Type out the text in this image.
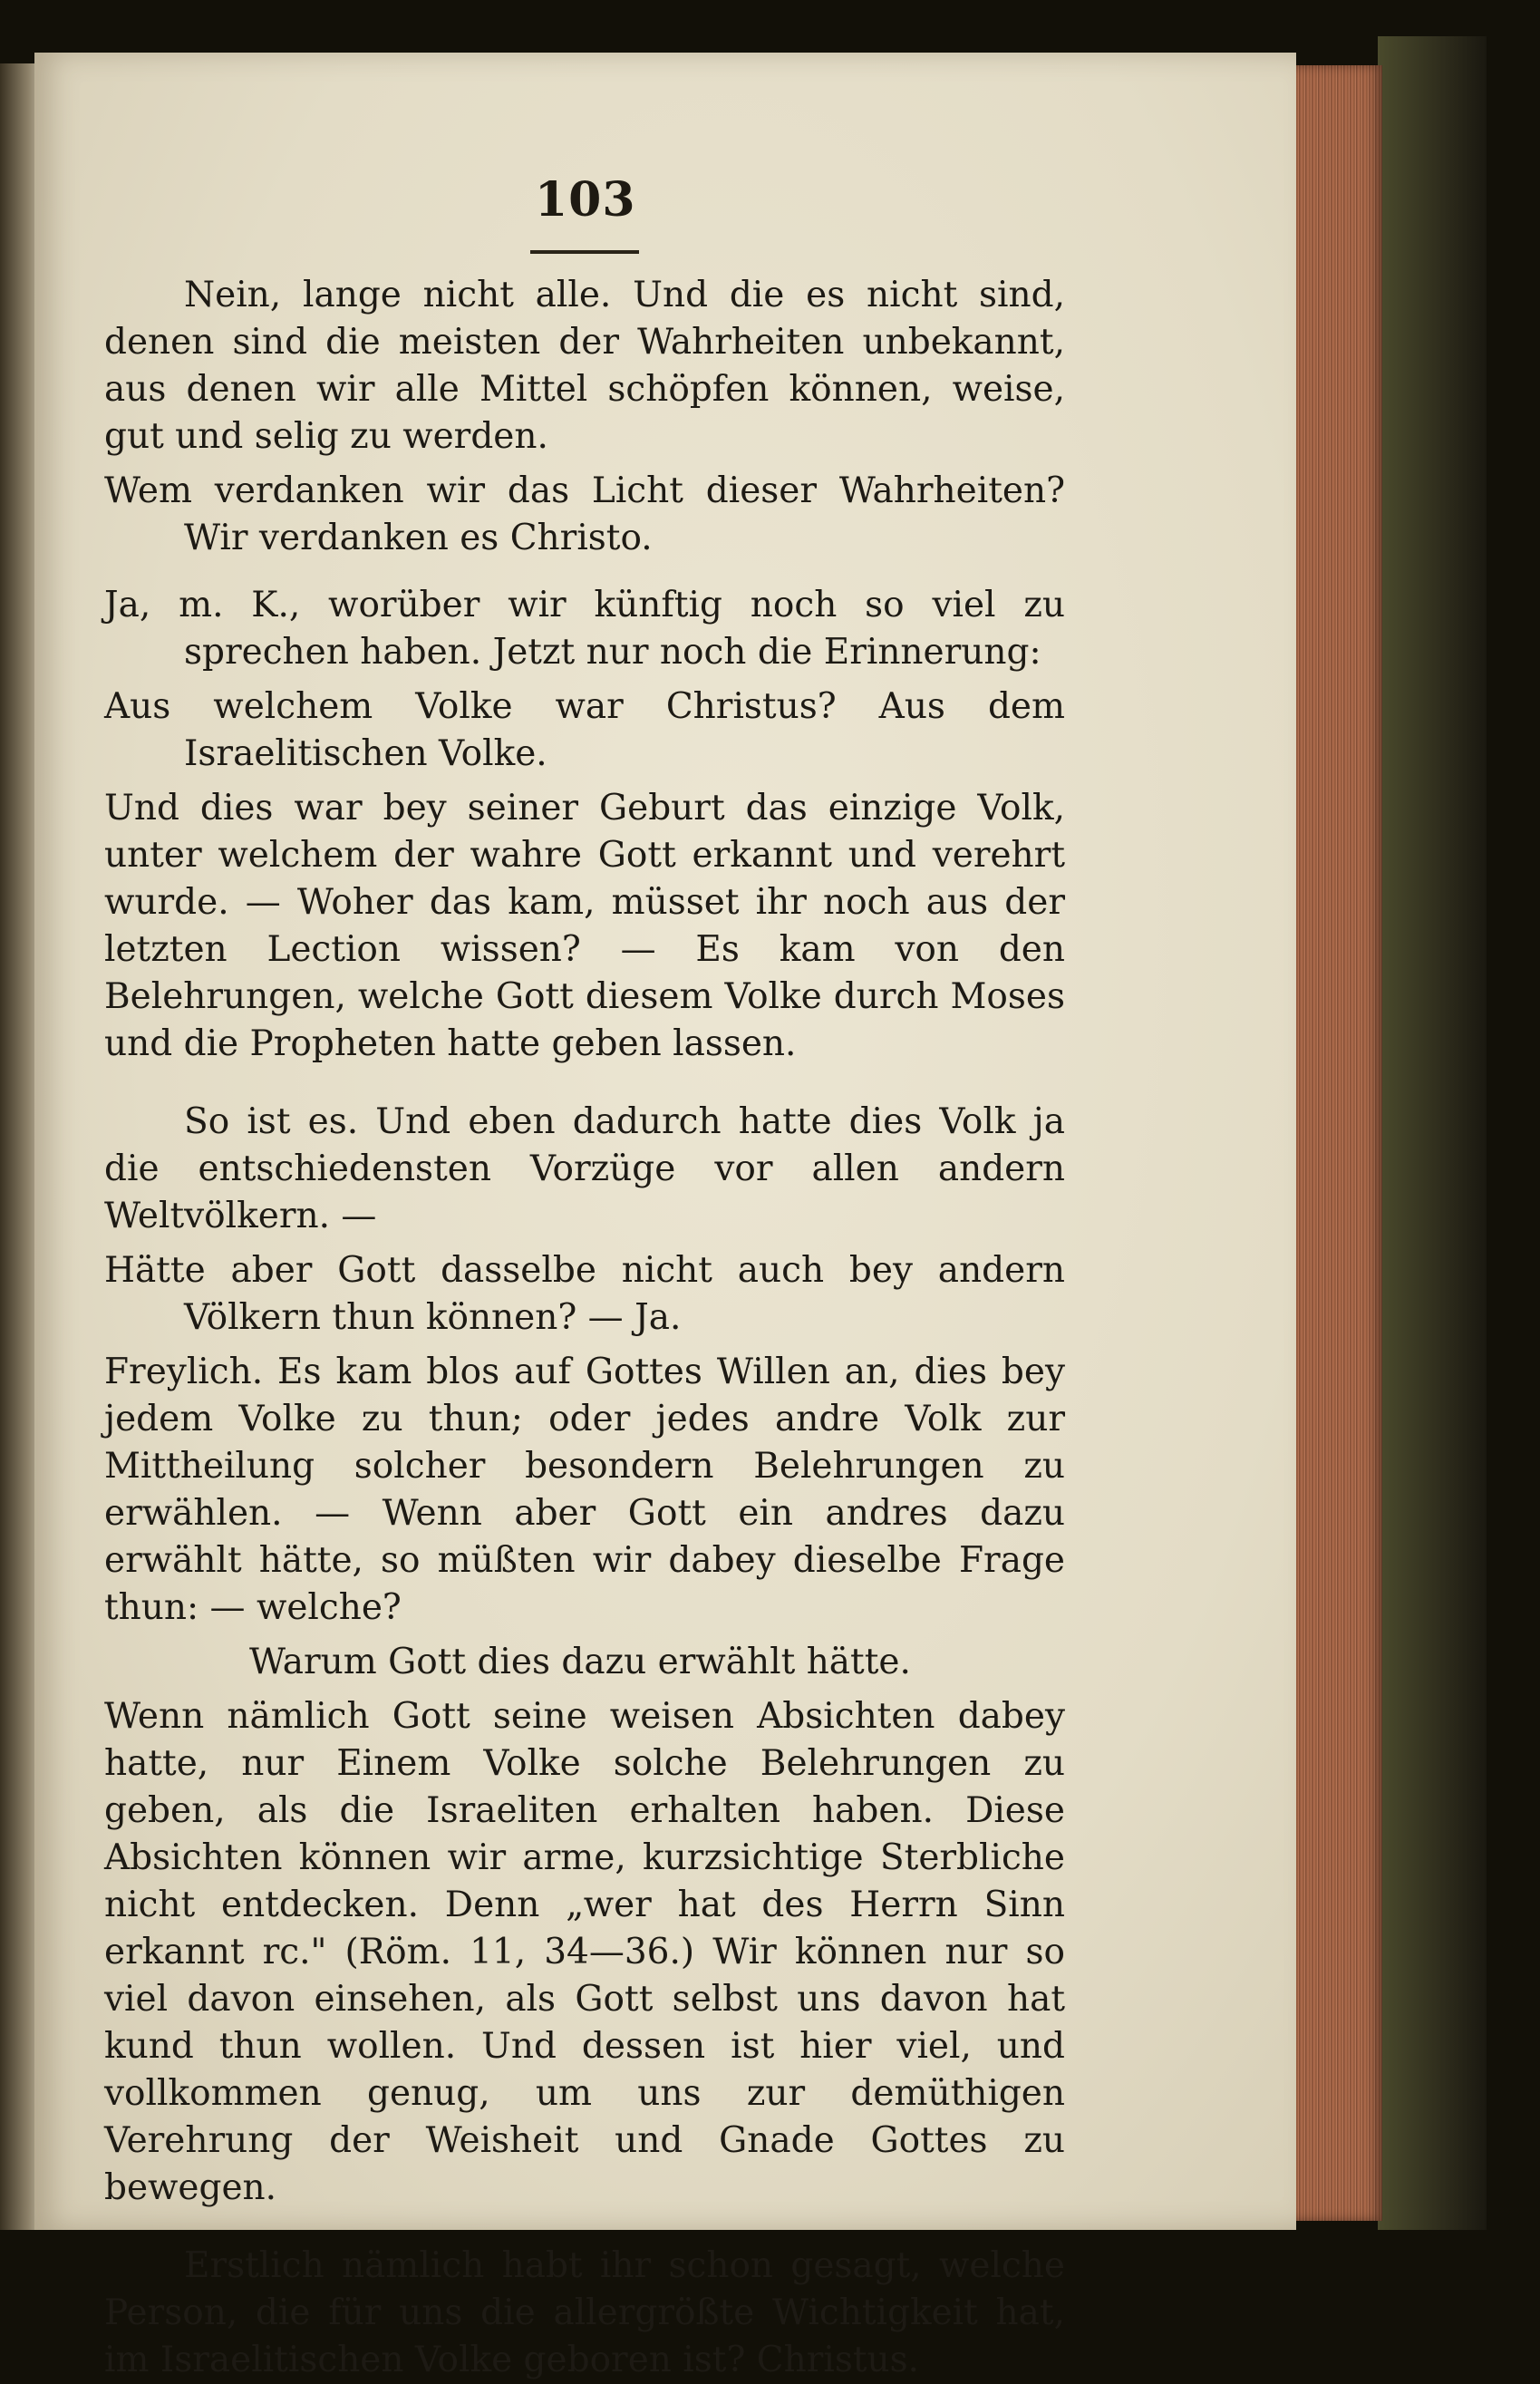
103

Nein, lange nicht alle. Und die es nicht sind, denen sind die meisten der Wahrheiten unbekannt, aus denen wir alle Mittel schöpfen können, weise, gut und selig zu werden.

Wem verdanken wir das Licht dieser Wahrheiten? Wir verdanken es Christo.

Ja, m. K., worüber wir künftig noch so viel zu sprechen haben. Jetzt nur noch die Erinnerung:

Aus welchem Volke war Christus? Aus dem Israelitischen Volke.

Und dies war bey seiner Geburt das einzige Volk, unter welchem der wahre Gott erkannt und verehrt wurde. — Woher das kam, müsset ihr noch aus der letzten Lection wissen? — Es kam von den Belehrungen, welche Gott diesem Volke durch Moses und die Propheten hatte geben lassen.

So ist es. Und eben dadurch hatte dies Volk ja die entschiedensten Vorzüge vor allen andern Weltvölkern. —

Hätte aber Gott dasselbe nicht auch bey andern Völkern thun können? — Ja.

Freylich. Es kam blos auf Gottes Willen an, dies bey jedem Volke zu thun; oder jedes andre Volk zur Mittheilung solcher besondern Belehrungen zu erwählen. — Wenn aber Gott ein andres dazu erwählt hätte, so müßten wir dabey dieselbe Frage thun: — welche?

Warum Gott dies dazu erwählt hätte.

Wenn nämlich Gott seine weisen Absichten dabey hatte, nur Einem Volke solche Belehrungen zu geben, als die Israeliten erhalten haben. Diese Absichten können wir arme, kurzsichtige Sterbliche nicht entdecken. Denn „wer hat des Herrn Sinn erkannt rc." (Röm. 11, 34—36.) Wir können nur so viel davon einsehen, als Gott selbst uns davon hat kund thun wollen. Und dessen ist hier viel, und vollkommen genug, um uns zur demüthigen Verehrung der Weisheit und Gnade Gottes zu bewegen.

Erstlich nämlich habt ihr schon gesagt, welche Person, die für uns die allergrößte Wichtigkeit hat, im Israelitischen Volke geboren ist? Christus.
